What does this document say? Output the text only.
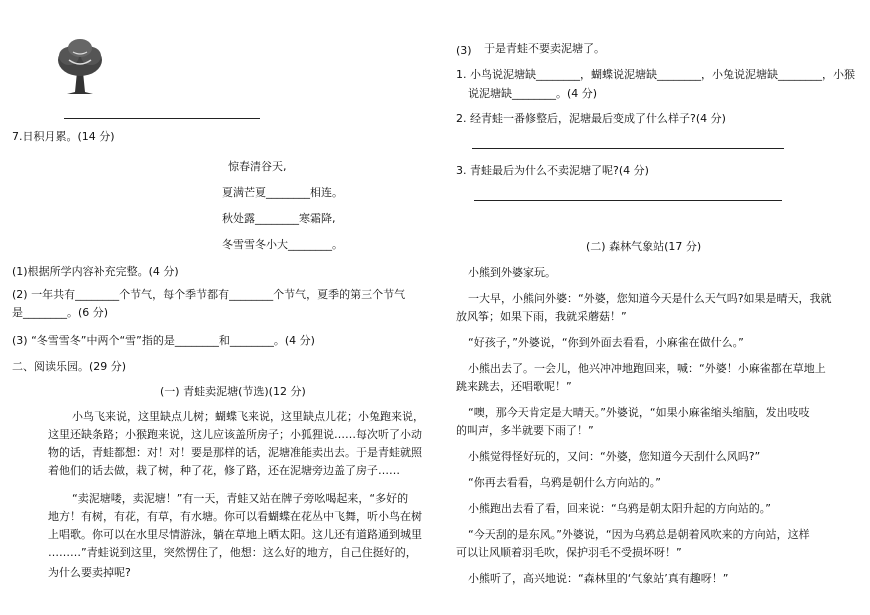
7.日积月累。(14 分)
惊春清谷天,
夏满芒夏________相连。
秋处露________寒霜降,
冬雪雪冬小大________。
(1)根据所学内容补充完整。(4 分)
(2) 一年共有________个节气，每个季节都有________个节气，夏季的第三个节气
是________。(6 分)
(3) “冬雪雪冬”中两个“雪”指的是________和________。(4 分)
二、阅读乐园。(29 分)
(一) 青蛙卖泥塘(节选)(12 分)
小鸟飞来说，这里缺点儿树；蝴蝶飞来说，这里缺点儿花；小兔跑来说，
这里还缺条路；小猴跑来说，这儿应该盖所房子；小狐狸说……每次听了小动
物的话，青蛙都想：对！对！要是那样的话，泥塘准能卖出去。于是青蛙就照
着他们的话去做，栽了树，种了花，修了路，还在泥塘旁边盖了房子……
“卖泥塘喽，卖泥塘！”有一天，青蛙又站在牌子旁吆喝起来，“多好的
地方！有树，有花，有草，有水塘。你可以看蝴蝶在花丛中飞舞，听小鸟在树
上唱歌。你可以在水里尽情游泳，躺在草地上晒太阳。这儿还有道路通到城里
………”青蛙说到这里，突然愣住了，他想：这么好的地方，自己住挺好的，
为什么要卖掉呢?
(3) 于是青蛙不要卖泥塘了。
1. 小鸟说泥塘缺________，蝴蝶说泥塘缺________，小兔说泥塘缺________，小猴
说泥塘缺________。(4 分)
2. 经青蛙一番修整后，泥塘最后变成了什么样子?(4 分)
3. 青蛙最后为什么不卖泥塘了呢?(4 分)
(二) 森林气象站(17 分)
小熊到外婆家玩。
一大早，小熊问外婆：“外婆，您知道今天是什么天气吗?如果是晴天，我就
放风筝；如果下雨，我就采蘑菇！”
“好孩子，”外婆说，“你到外面去看看，小麻雀在做什么。”
小熊出去了。一会儿，他兴冲冲地跑回来，喊：“外婆！小麻雀都在草地上
跳来跳去，还唱歌呢！”
“噢，那今天肯定是大晴天。”外婆说，“如果小麻雀缩头缩脑，发出吱吱
的叫声，多半就要下雨了！”
小熊觉得怪好玩的，又问：“外婆，您知道今天刮什么风吗?”
“你再去看看，乌鸦是朝什么方向站的。”
小熊跑出去看了看，回来说：“乌鸦是朝太阳升起的方向站的。”
“今天刮的是东风。”外婆说，“因为乌鸦总是朝着风吹来的方向站，这样
可以让风顺着羽毛吹，保护羽毛不受损坏呀！”
小熊听了，高兴地说：“森林里的‘气象站’真有趣呀！”
